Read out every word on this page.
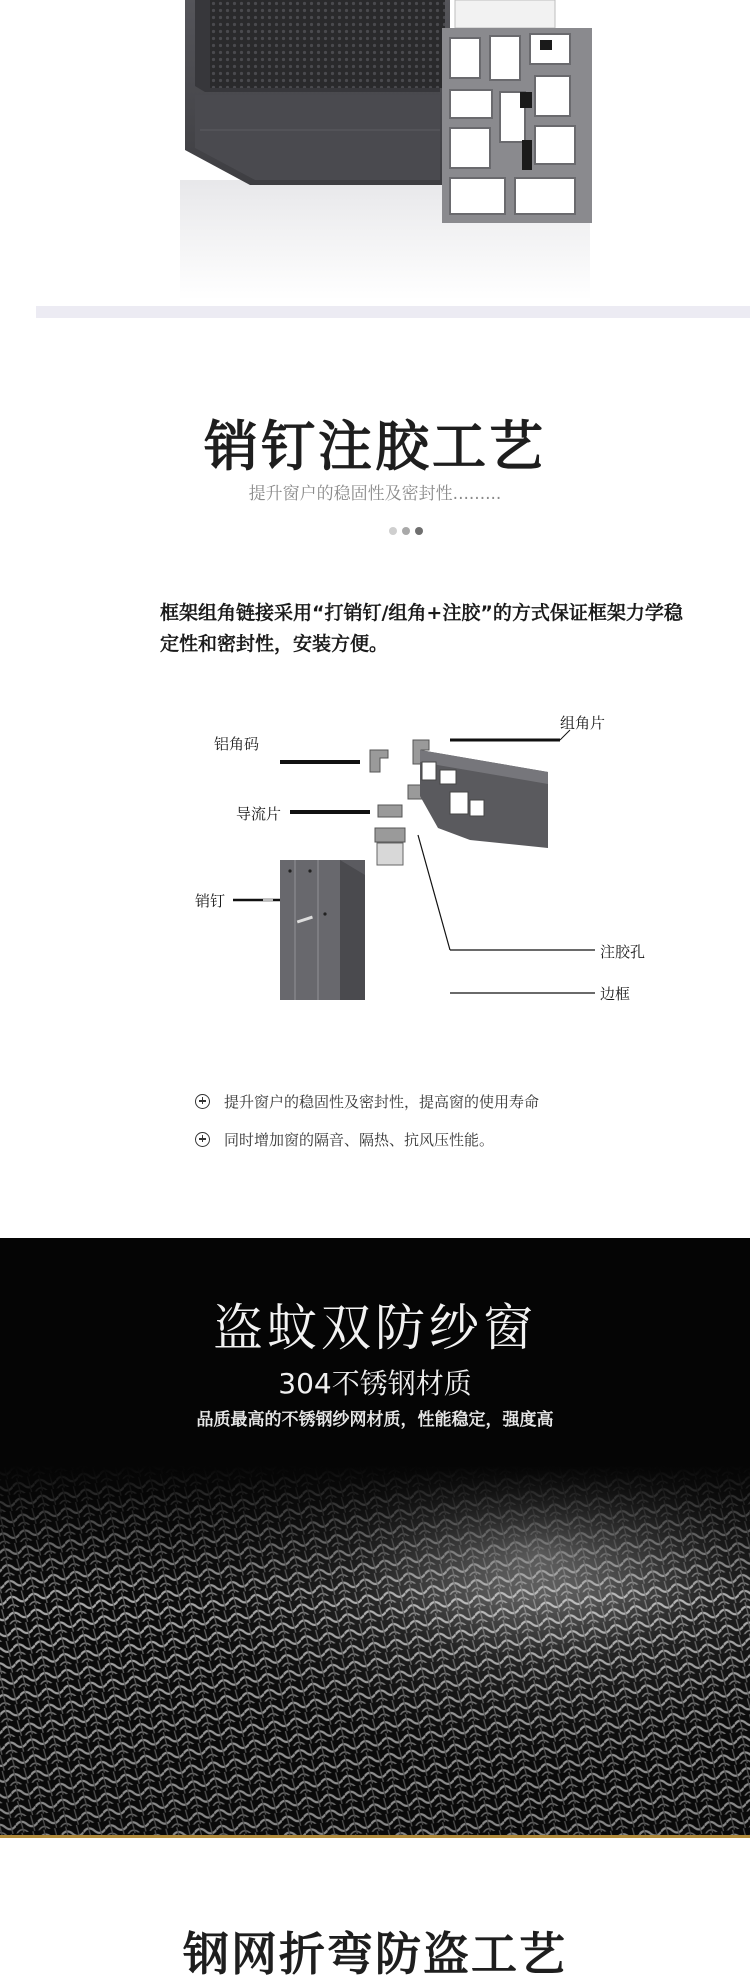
销钉注胶工艺
提升窗户的稳固性及密封性.........
框架组角链接采用“打销钉/组角+注胶”的方式保证框架力学稳定性和密封性，安装方便。
铝角码
组角片
导流片
销钉
注胶孔
边框
提升窗户的稳固性及密封性，提高窗的使用寿命
同时增加窗的隔音、隔热、抗风压性能。
盗蚊双防纱窗
304不锈钢材质
品质最高的不锈钢纱网材质，性能稳定，强度高
钢网折弯防盗工艺
